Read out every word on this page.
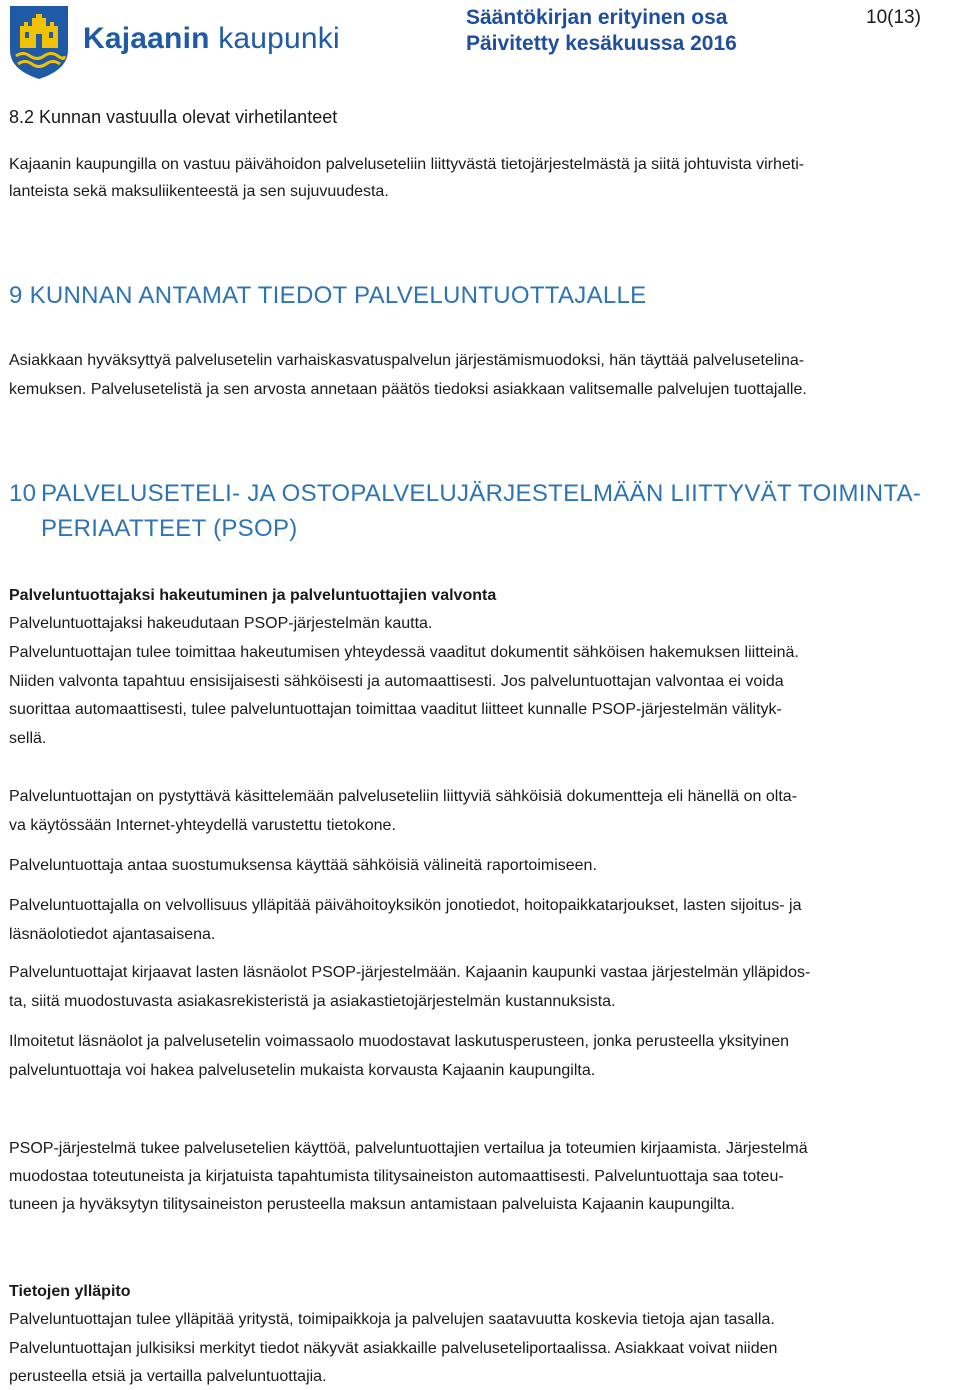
Kajaanin kaupunki
Sääntökirjan erityinen osa
Päivitetty kesäkuussa 2016
10(13)
8.2 Kunnan vastuulla olevat virhetilanteet
Kajaanin kaupungilla on vastuu päivähoidon palveluseteliin liittyvästä tietojärjestelmästä ja siitä johtuvista virheti-
lanteista sekä maksuliikenteestä ja sen sujuvuudesta.
9 KUNNAN ANTAMAT TIEDOT PALVELUNTUOTTAJALLE
Asiakkaan hyväksyttyä palvelusetelin varhaiskasvatuspalvelun järjestämismuodoksi, hän täyttää palvelusetelina-
kemuksen. Palvelusetelistä ja sen arvosta annetaan päätös tiedoksi asiakkaan valitsemalle palvelujen tuottajalle.
10 PALVELUSETELI- JA OSTOPALVELUJÄRJESTELMÄÄN LIITTYVÄT TOIMINTA-
PERIAATTEET (PSOP)
Palveluntuottajaksi hakeutuminen ja palveluntuottajien valvonta
Palveluntuottajaksi hakeudutaan PSOP-järjestelmän kautta.
Palveluntuottajan tulee toimittaa hakeutumisen yhteydessä vaaditut dokumentit sähköisen hakemuksen liitteinä.
Niiden valvonta tapahtuu ensisijaisesti sähköisesti ja automaattisesti. Jos palveluntuottajan valvontaa ei voida
suorittaa automaattisesti, tulee palveluntuottajan toimittaa vaaditut liitteet kunnalle PSOP-järjestelmän välityk-
sellä.
Palveluntuottajan on pystyttävä käsittelemään palveluseteliin liittyviä sähköisiä dokumentteja eli hänellä on olta-
va käytössään Internet-yhteydellä varustettu tietokone.
Palveluntuottaja antaa suostumuksensa käyttää sähköisiä välineitä raportoimiseen.
Palveluntuottajalla on velvollisuus ylläpitää päivähoitoyksikön jonotiedot, hoitopaikkatarjoukset, lasten sijoitus- ja
läsnäolotiedot ajantasaisena.
Palveluntuottajat kirjaavat lasten läsnäolot PSOP-järjestelmään. Kajaanin kaupunki vastaa järjestelmän ylläpidos-
ta, siitä muodostuvasta asiakasrekisteristä ja asiakastietojärjestelmän kustannuksista.
Ilmoitetut läsnäolot ja palvelusetelin voimassaolo muodostavat laskutusperusteen, jonka perusteella yksityinen
palveluntuottaja voi hakea palvelusetelin mukaista korvausta Kajaanin kaupungilta.
PSOP-järjestelmä tukee palvelusetelien käyttöä, palveluntuottajien vertailua ja toteumien kirjaamista. Järjestelmä
muodostaa toteutuneista ja kirjatuista tapahtumista tilitysaineiston automaattisesti. Palveluntuottaja saa toteu-
tuneen ja hyväksytyn tilitysaineiston perusteella maksun antamistaan palveluista Kajaanin kaupungilta.
Tietojen ylläpito
Palveluntuottajan tulee ylläpitää yritystä, toimipaikkoja ja palvelujen saatavuutta koskevia tietoja ajan tasalla.
Palveluntuottajan julkisiksi merkityt tiedot näkyvät asiakkaille palveluseteliportaalissa. Asiakkaat voivat niiden
perusteella etsiä ja vertailla palveluntuottajia.
